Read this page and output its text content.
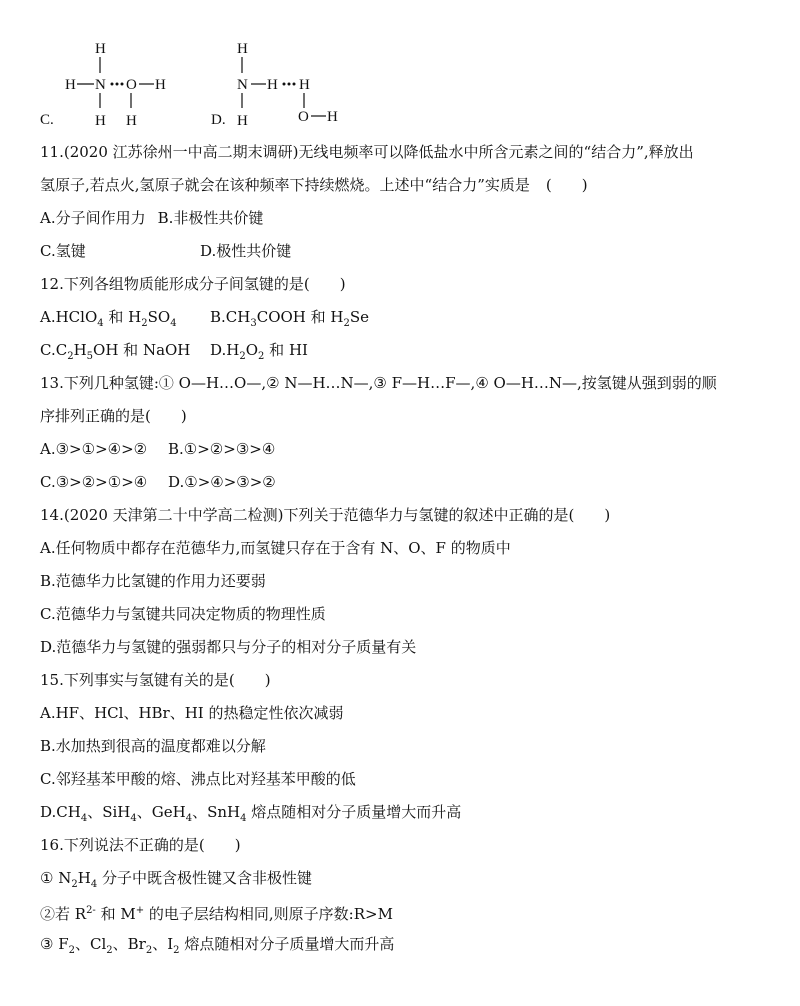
H
H N O H
H H
H
N H H
H	O H
C.	D.
11.(2020 江苏徐州一中高二期末调研)无线电频率可以降低盐水中所含元素之间的“结合力”,释放出
氢原子,若点火,氢原子就会在该种频率下持续燃烧。上述中“结合力”实质是 (　　)
A.分子间作用力 B.非极性共价键
C.氢键	D.极性共价键
12.下列各组物质能形成分子间氢键的是(　　)
A.HClO$_4$ 和 $H_2SO_4$ $B.CH_3COOH$ 和 $H_2Se$
$C.C_2H_5OH$ 和 NaOH $D.H_2O_2$ 和 HI
13.下列几种氢键:① O—H…O—,② N—H…N—,③ F—H…F—,④ O—H…N—,按氢键从强到弱的顺
序排列正确的是(　　)
A.③>①>④>② B.①>②>③>④
C.③>②>①>④ D.①>④>③>②
14.(2020 天津第二十中学高二检测)下列关于范德华力与氢键的叙述中正确的是(　　)
A.任何物质中都存在范德华力,而氢键只存在于含有 N、O、F 的物质中
B.范德华力比氢键的作用力还要弱
C.范德华力与氢键共同决定物质的物理性质
D.范德华力与氢键的强弱都只与分子的相对分子质量有关
15.下列事实与氢键有关的是(　　)
A.HF、HCl、HBr、HI 的热稳定性依次减弱
B.水加热到很高的温度都难以分解
C.邻羟基苯甲酸的熔、沸点比对羟基苯甲酸的低
$D.CH_4$、SiH$_4$、GeH$_4$、SnH$_4$ 熔点随相对分子质量增大而升高
16.下列说法不正确的是(　　)
① $N_2H_4$ 分子中既含极性键又含非极性键
②若 $R^{2-}$ 和 M+ 的电子层结构相同,则原子序数:R>M
③ $F_2$、$Cl_2$、$Br_2$、$I_2$ 熔点随相对分子质量增大而升高
